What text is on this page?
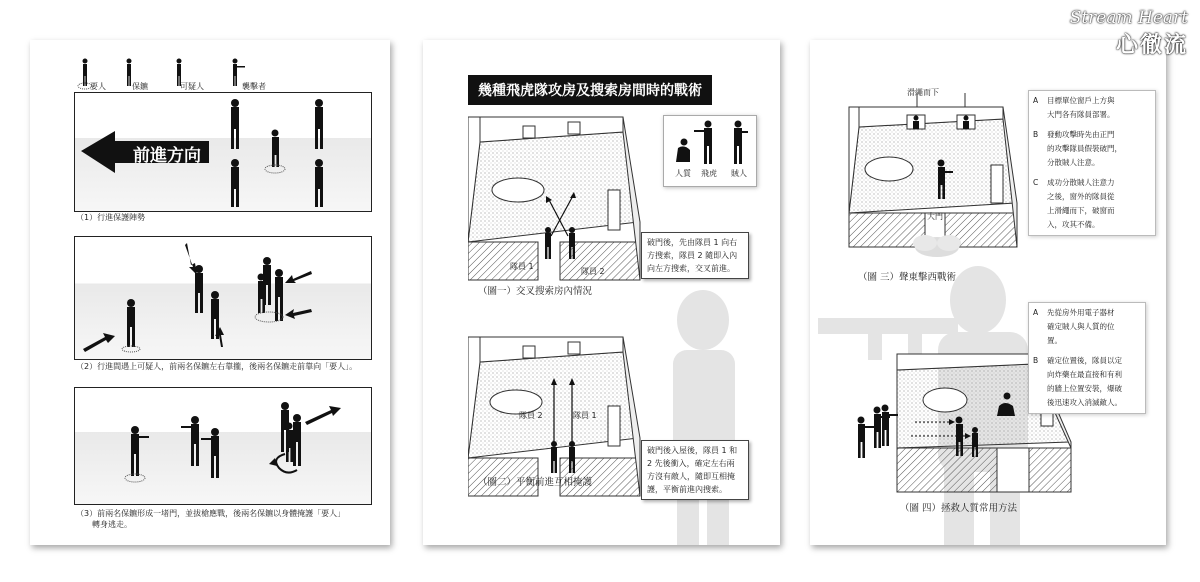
要人	保鑣	可疑人	襲擊者
前進方向
（1）行進保護陣勢
（2）行進間遇上可疑人，前兩名保鑣左右靠攏，後兩名保鑣走前靠向「要人」。
（3）前兩名保鑣形成一堵門，並拔槍應戰，後兩名保鑣以身體掩護「要人」
轉身逃走。
幾種飛虎隊攻房及搜索房間時的戰術
人質 飛虎 賊人
隊員 1
隊員 2
破門後，先由隊員 1 向右
方搜索，隊員 2 隨即入內
向左方搜索，交叉前進。
（圖一）交叉搜索房內情況
隊員 2	隊員 1
破門後入屋後，隊員 1 和
2 先後衝入，確定左右兩
方沒有敵人，隨即互相掩
護，平衡前進內搜索。
（圖二）平衡前進互相掩護
滑繩而下
大門
A	目標單位窗戶上方與
大門各有隊員部署。
B	發動攻擊時先由正門
的攻擊隊員假裝破門，
分散賊人注意。
C	成功分散賊人注意力
之後，窗外的隊員從
上滑繩而下，破窗而
入，攻其不備。
（圖 三）聲東擊西戰術
A	先從房外用電子器材
確定賊人與人質的位
置。
B	確定位置後，隊員以定
向炸藥在最直接和有利
的牆上位置安裝，爆破
後迅速攻入消滅敵人。
（圖 四）拯救人質常用方法
Stream Heart
心徹流
